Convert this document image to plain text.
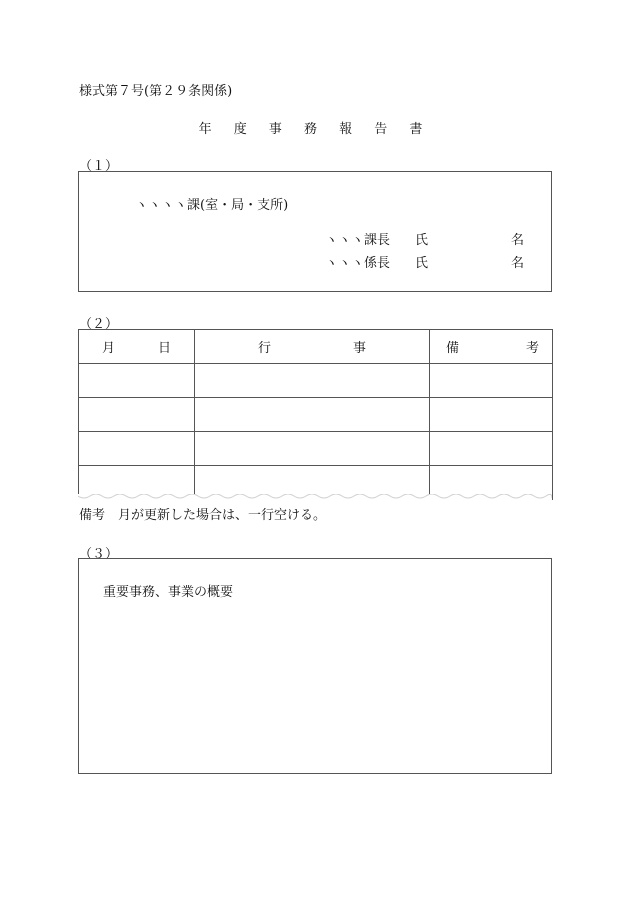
様式第７号(第２９条関係)
年 度 事 務 報 告 書
（１）
ヽヽヽヽ課(室・局・支所)
ヽヽヽ課長 氏	名
ヽヽヽ係長 氏	名
（２）
月 日	行 事	備 考

備考　月が更新した場合は、一行空ける。
（３）
重要事務、事業の概要
